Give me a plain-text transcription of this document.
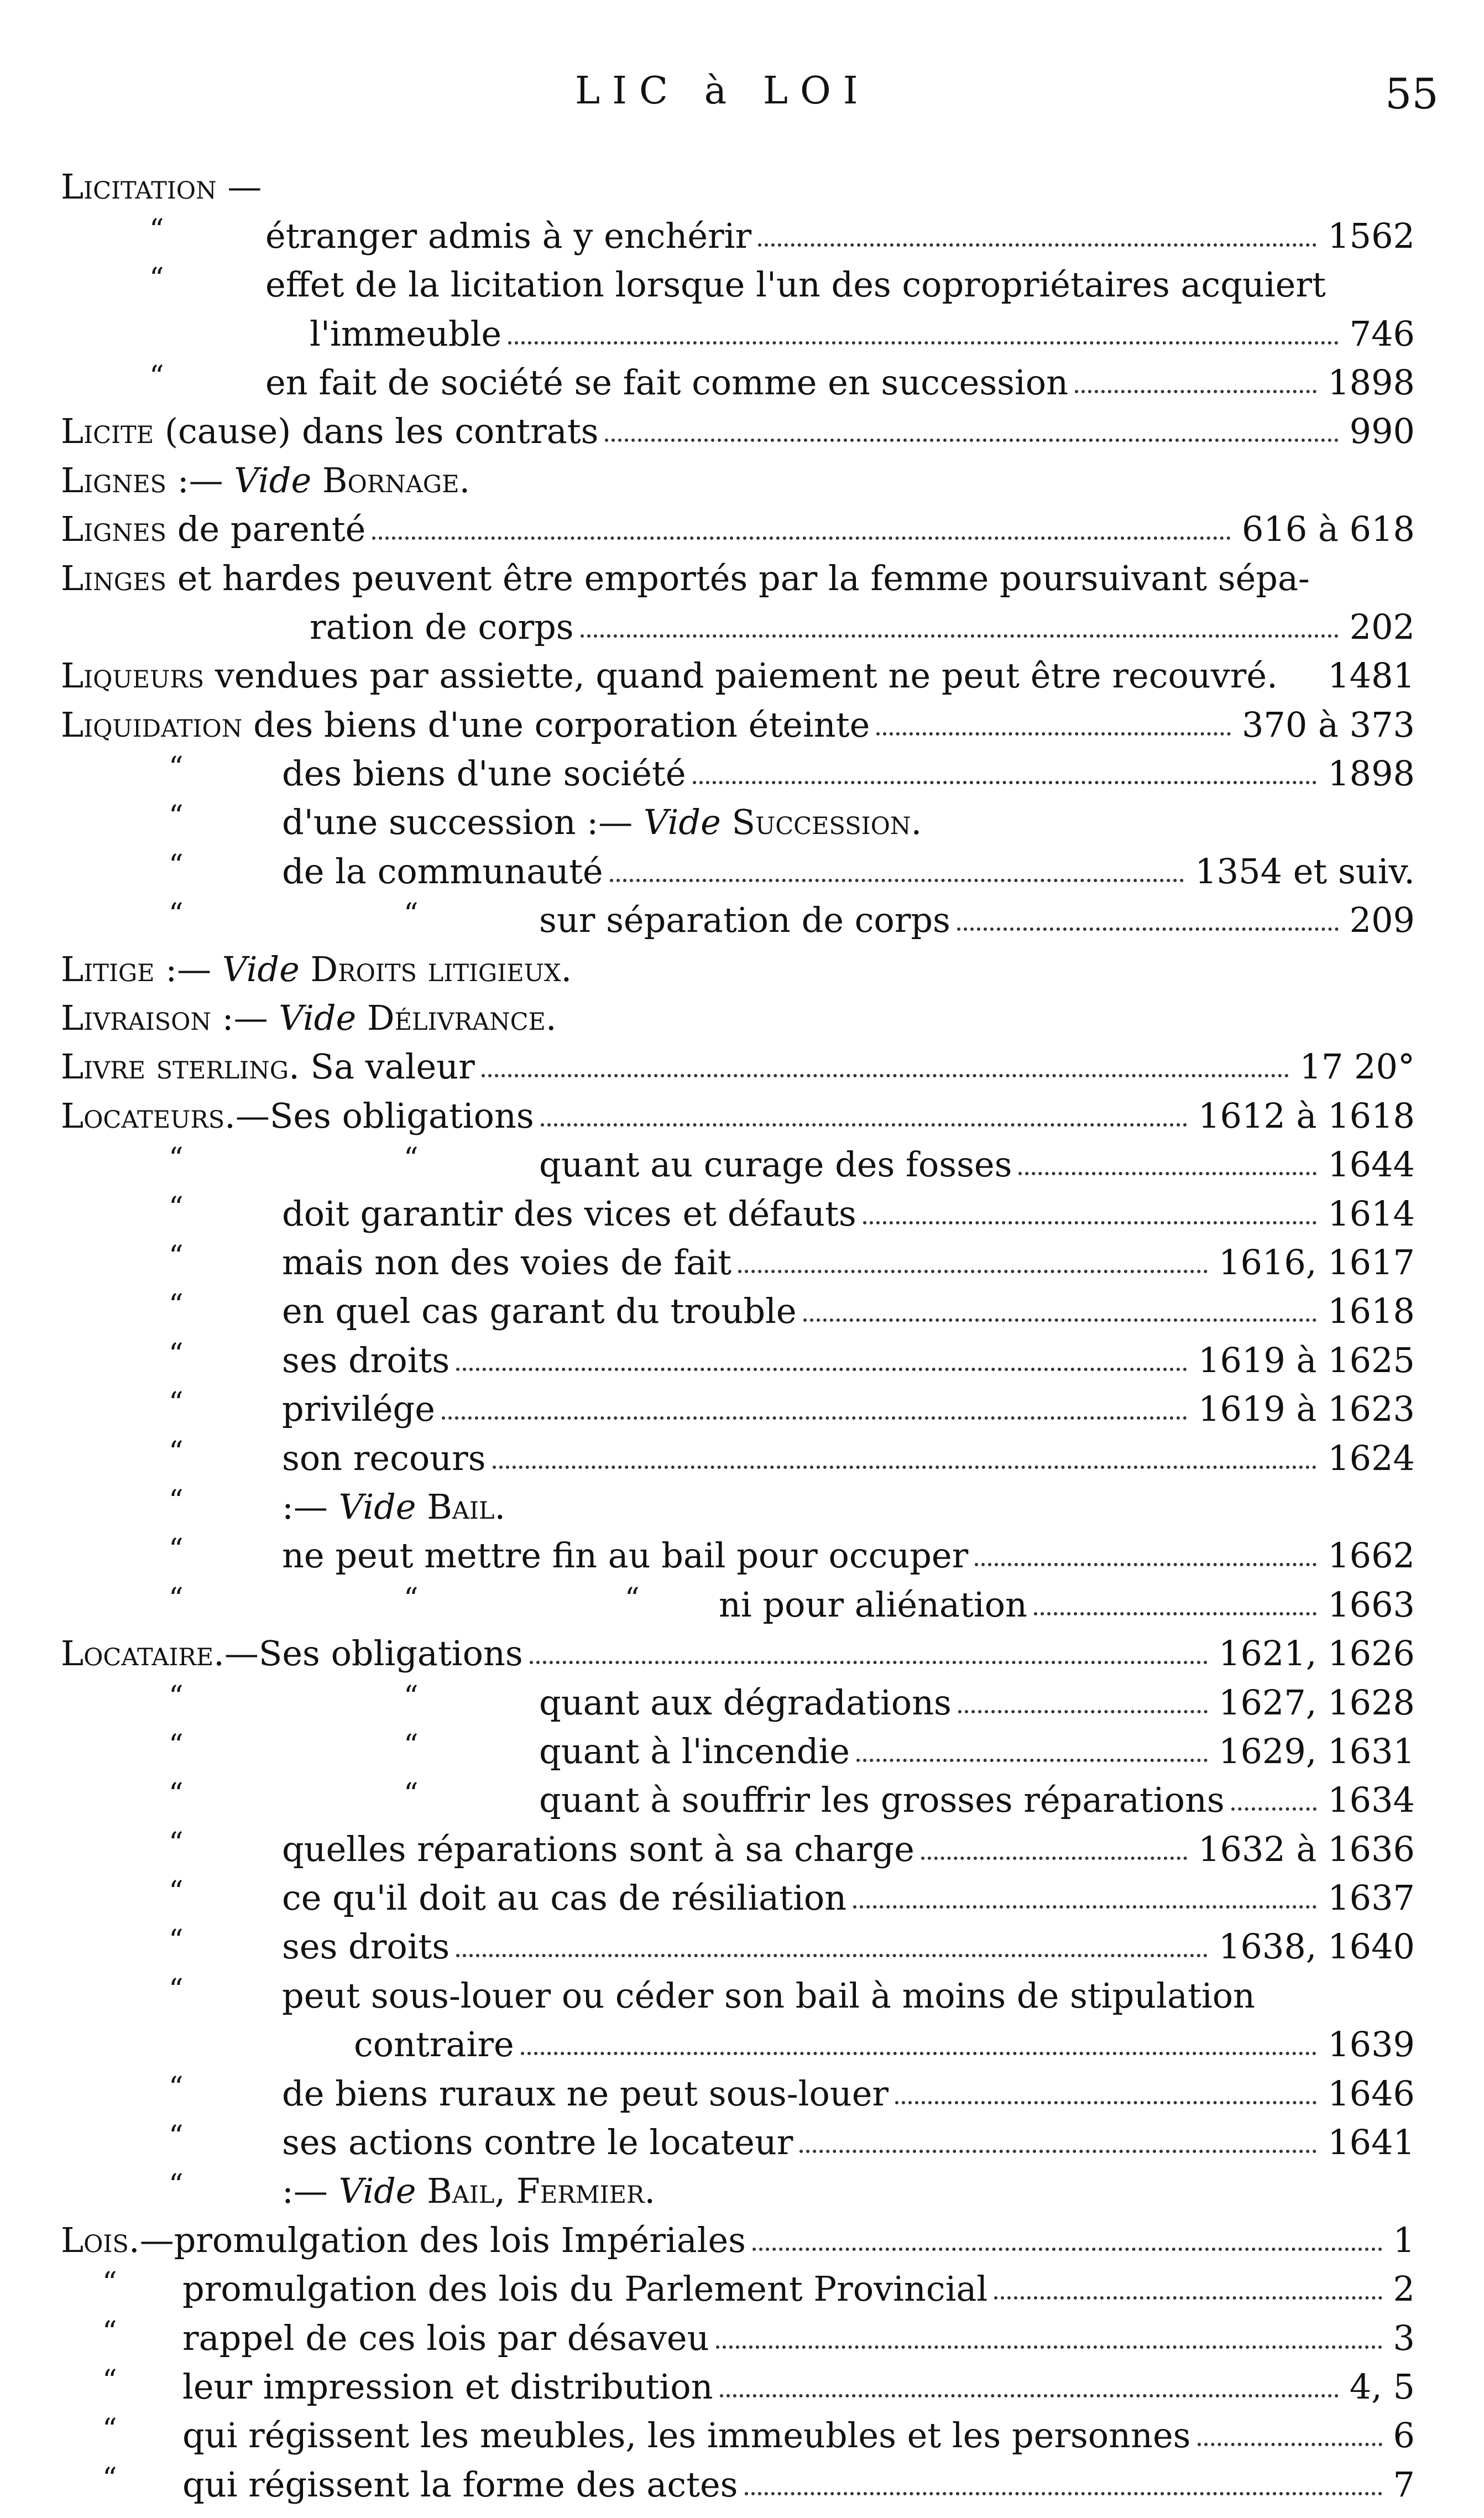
LIC à LOI	55
Licitation —
“	étranger admis à y enchérir	1562
“	effet de la licitation lorsque l'un des copropriétaires acquiert
l'immeuble	746
“	en fait de société se fait comme en succession	1898
Licite (cause) dans les contrats	990
Lignes :— Vide Bornage.
Lignes de parenté	616 à 618
Linges et hardes peuvent être emportés par la femme poursuivant sépa-
ration de corps	202
Liqueurs vendues par assiette, quand paiement ne peut être recouvré. 1481
Liquidation des biens d'une corporation éteinte	370 à 373
“	des biens d'une société	1898
“	d'une succession :— Vide Succession.
“	de la communauté	1354 et suiv.
“	“	sur séparation de corps	209
Litige :— Vide Droits litigieux.
Livraison :— Vide Délivrance.
Livre sterling. Sa valeur	17 20°
Locateurs.—Ses obligations	1612 à 1618
“	“	quant au curage des fosses	1644
“	doit garantir des vices et défauts	1614
“	mais non des voies de fait	1616, 1617
“	en quel cas garant du trouble	1618
“	ses droits	1619 à 1625
“	privilége	1619 à 1623
“	son recours	1624
“	:— Vide Bail.
“	ne peut mettre fin au bail pour occuper	1662
“	“	“ ni pour aliénation	1663
Locataire.—Ses obligations	1621, 1626
“	“	quant aux dégradations	1627, 1628
“	“	quant à l'incendie	1629, 1631
“	“	quant à souffrir les grosses réparations	1634
“	quelles réparations sont à sa charge	1632 à 1636
“	ce qu'il doit au cas de résiliation	1637
“	ses droits	1638, 1640
“	peut sous-louer ou céder son bail à moins de stipulation
contraire	1639
“	de biens ruraux ne peut sous-louer	1646
“	ses actions contre le locateur	1641
“	:— Vide Bail, Fermier.
Lois.—promulgation des lois Impériales	1
“ promulgation des lois du Parlement Provincial	2
“ rappel de ces lois par désaveu	3
“ leur impression et distribution	4, 5
“ qui régissent les meubles, les immeubles et les personnes	6
“ qui régissent la forme des actes	7
